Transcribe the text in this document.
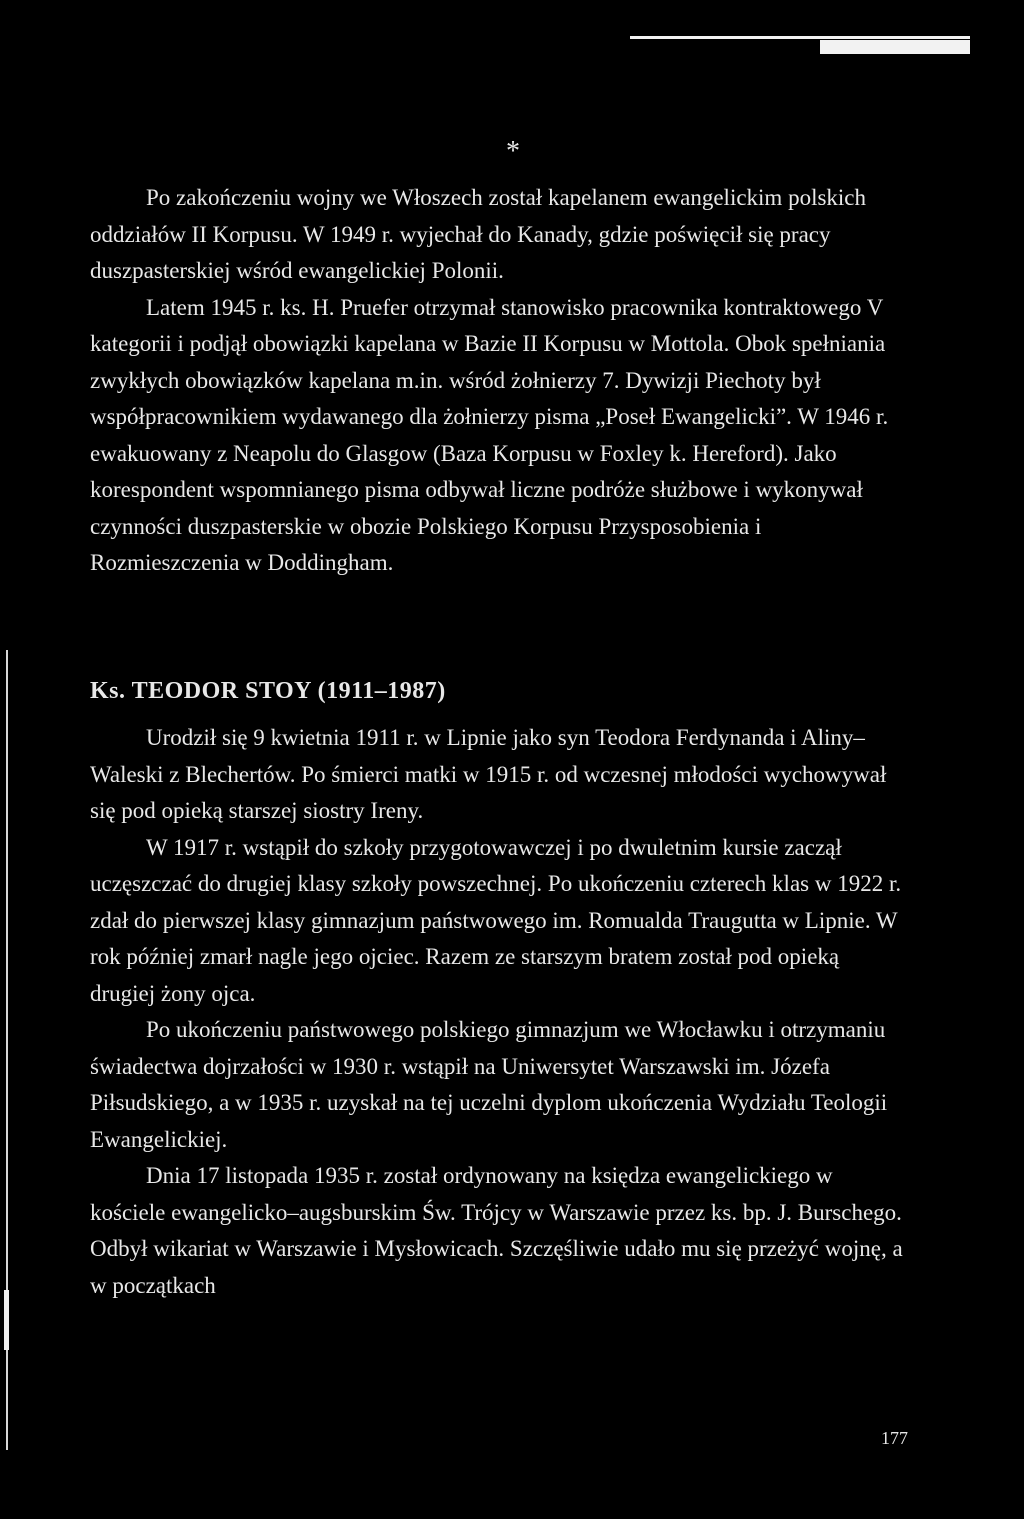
*

Po zakończeniu wojny we Włoszech został kapelanem ewangelickim polskich oddziałów II Korpusu. W 1949 r. wyjechał do Kanady, gdzie poświęcił się pracy duszpasterskiej wśród ewangelickiej Polonii.

Latem 1945 r. ks. H. Pruefer otrzymał stanowisko pracownika kontraktowego V kategorii i podjął obowiązki kapelana w Bazie II Korpusu w Mottola. Obok spełniania zwykłych obowiązków kapelana m.in. wśród żołnierzy 7. Dywizji Piechoty był współpracownikiem wydawanego dla żołnierzy pisma „Poseł Ewangelicki”. W 1946 r. ewakuowany z Neapolu do Glasgow (Baza Korpusu w Foxley k. Hereford). Jako korespondent wspomnianego pisma odbywał liczne podróże służbowe i wykonywał czynności duszpasterskie w obozie Polskiego Korpusu Przysposobienia i Rozmieszczenia w Doddingham.

Ks. TEODOR STOY (1911–1987)

Urodził się 9 kwietnia 1911 r. w Lipnie jako syn Teodora Ferdynanda i Aliny–Waleski z Blechertów. Po śmierci matki w 1915 r. od wczesnej młodości wychowywał się pod opieką starszej siostry Ireny.

W 1917 r. wstąpił do szkoły przygotowawczej i po dwuletnim kursie zaczął uczęszczać do drugiej klasy szkoły powszechnej. Po ukończeniu czterech klas w 1922 r. zdał do pierwszej klasy gimnazjum państwowego im. Romualda Traugutta w Lipnie. W rok później zmarł nagle jego ojciec. Razem ze starszym bratem został pod opieką drugiej żony ojca.

Po ukończeniu państwowego polskiego gimnazjum we Włocławku i otrzymaniu świadectwa dojrzałości w 1930 r. wstąpił na Uniwersytet Warszawski im. Józefa Piłsudskiego, a w 1935 r. uzyskał na tej uczelni dyplom ukończenia Wydziału Teologii Ewangelickiej.

Dnia 17 listopada 1935 r. został ordynowany na księdza ewangelickiego w kościele ewangelicko–augsburskim Św. Trójcy w Warszawie przez ks. bp. J. Burschego. Odbył wikariat w Warszawie i Mysłowicach. Szczęśliwie udało mu się przeżyć wojnę, a w początkach

177
